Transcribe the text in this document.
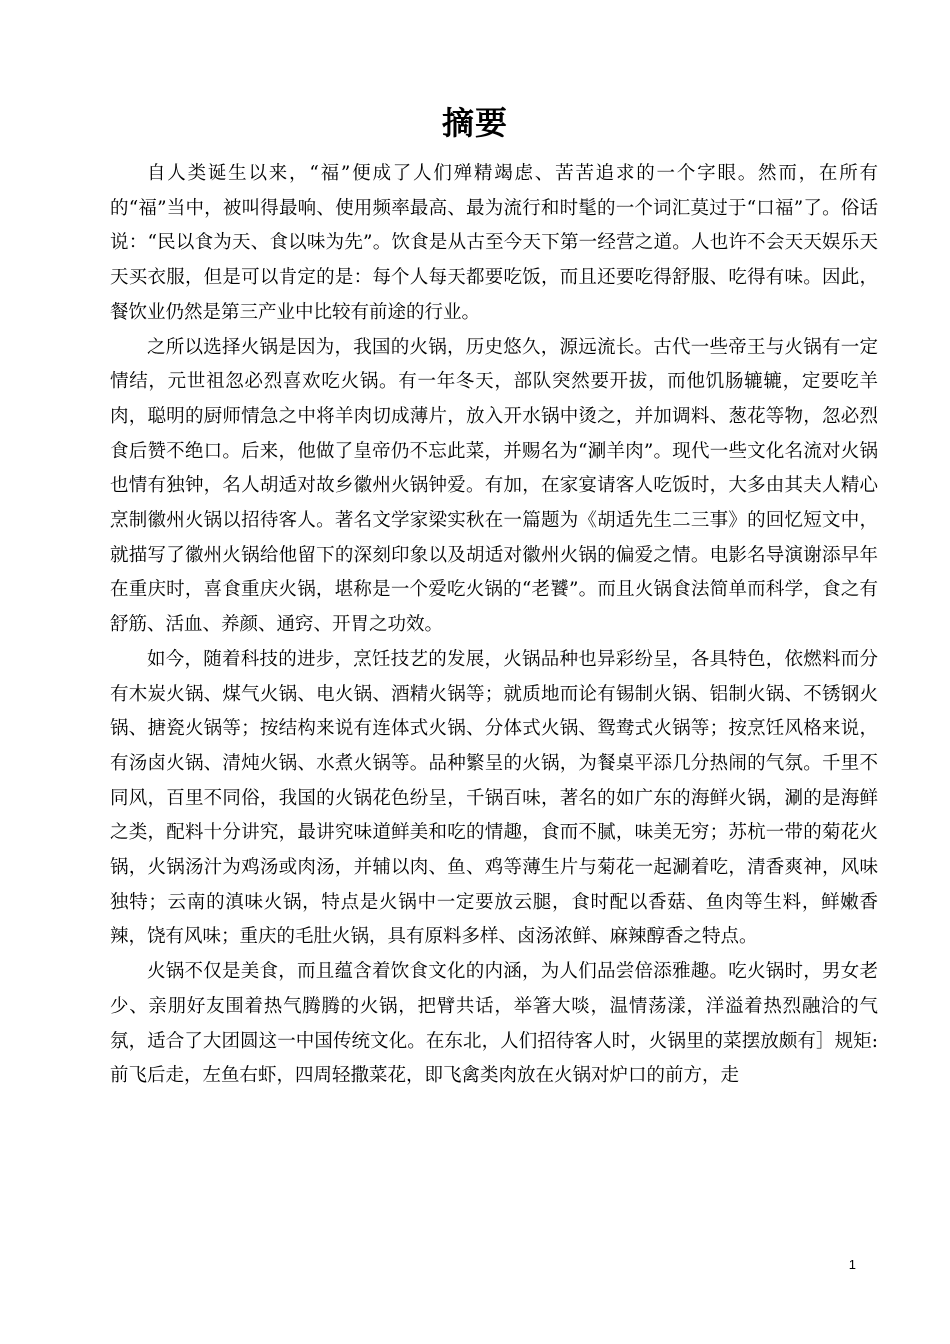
摘要

自人类诞生以来，“福”便成了人们殚精竭虑、苦苦追求的一个字眼。然而，在所有的“福”当中，被叫得最响、使用频率最高、最为流行和时髦的一个词汇莫过于“口福”了。俗话说：“民以食为天、食以味为先”。饮食是从古至今天下第一经营之道。人也许不会天天娱乐天天买衣服，但是可以肯定的是：每个人每天都要吃饭，而且还要吃得舒服、吃得有味。因此，餐饮业仍然是第三产业中比较有前途的行业。

之所以选择火锅是因为，我国的火锅，历史悠久，源远流长。古代一些帝王与火锅有一定情结，元世祖忽必烈喜欢吃火锅。有一年冬天，部队突然要开拔，而他饥肠辘辘，定要吃羊肉，聪明的厨师情急之中将羊肉切成薄片，放入开水锅中烫之，并加调料、葱花等物，忽必烈食后赞不绝口。后来，他做了皇帝仍不忘此菜，并赐名为“涮羊肉”。现代一些文化名流对火锅也情有独钟，名人胡适对故乡徽州火锅钟爱。有加，在家宴请客人吃饭时，大多由其夫人精心烹制徽州火锅以招待客人。著名文学家梁实秋在一篇题为《胡适先生二三事》的回忆短文中，就描写了徽州火锅给他留下的深刻印象以及胡适对徽州火锅的偏爱之情。电影名导演谢添早年在重庆时，喜食重庆火锅，堪称是一个爱吃火锅的“老饕”。而且火锅食法简单而科学，食之有舒筋、活血、养颜、通窍、开胃之功效。

如今，随着科技的进步，烹饪技艺的发展，火锅品种也异彩纷呈，各具特色，依燃料而分有木炭火锅、煤气火锅、电火锅、酒精火锅等；就质地而论有锡制火锅、铝制火锅、不锈钢火锅、搪瓷火锅等；按结构来说有连体式火锅、分体式火锅、鸳鸯式火锅等；按烹饪风格来说，有汤卤火锅、清炖火锅、水煮火锅等。品种繁呈的火锅，为餐桌平添几分热闹的气氛。千里不同风，百里不同俗，我国的火锅花色纷呈，千锅百味，著名的如广东的海鲜火锅，涮的是海鲜之类，配料十分讲究，最讲究味道鲜美和吃的情趣，食而不腻，味美无穷；苏杭一带的菊花火锅，火锅汤汁为鸡汤或肉汤，并辅以肉、鱼、鸡等薄生片与菊花一起涮着吃，清香爽神，风味独特；云南的滇味火锅，特点是火锅中一定要放云腿，食时配以香菇、鱼肉等生料，鲜嫩香辣，饶有风味；重庆的毛肚火锅，具有原料多样、卤汤浓鲜、麻辣醇香之特点。

火锅不仅是美食，而且蕴含着饮食文化的内涵，为人们品尝倍添雅趣。吃火锅时，男女老少、亲朋好友围着热气腾腾的火锅，把臂共话，举箸大啖，温情荡漾，洋溢着热烈融洽的气氛，适合了大团圆这一中国传统文化。在东北，人们招待客人时，火锅里的菜摆放颇有］规矩:前飞后走，左鱼右虾，四周轻撒菜花，即飞禽类肉放在火锅对炉口的前方，走

1
